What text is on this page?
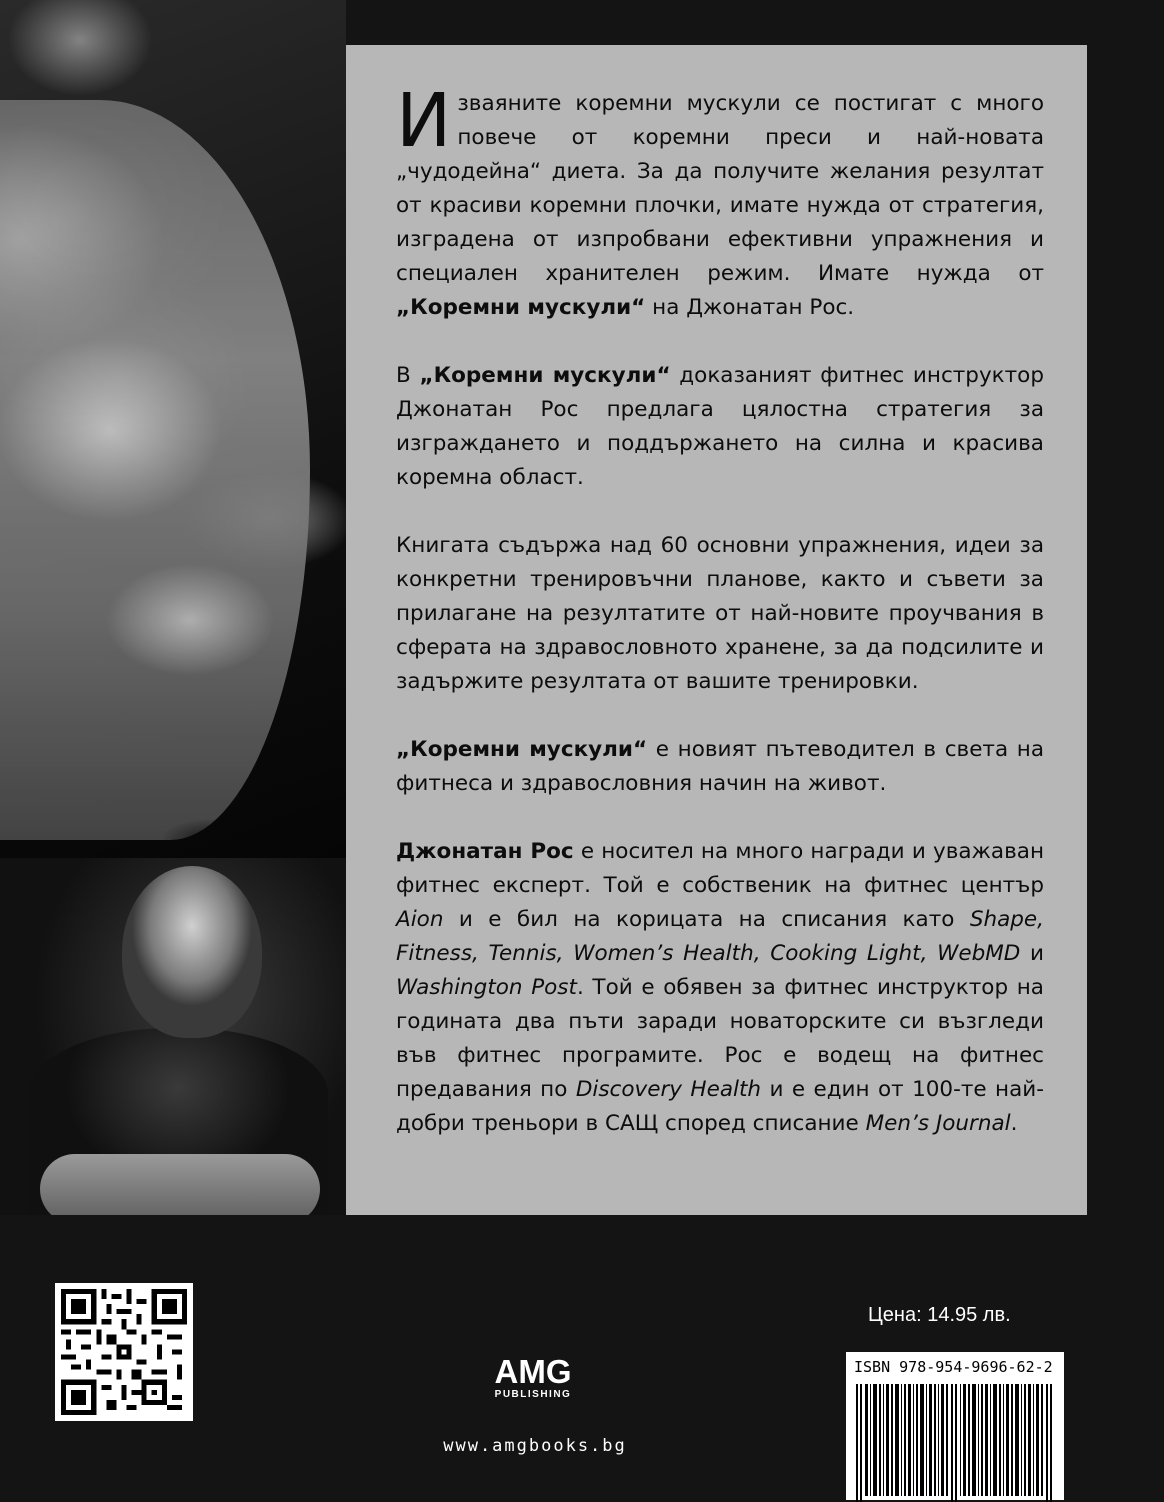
Изваяните коремни мускули се постигат с много повече от коремни преси и най-новата „чудодейна“ диета. За да получите желания резултат от красиви коремни плочки, имате нужда от стратегия, изградена от изпробвани ефективни упражнения и специален хранителен режим. Имате нужда от „Коремни мускули“ на Джонатан Рос.

В „Коремни мускули“ доказаният фитнес инструктор Джонатан Рос предлага цялостна стратегия за изграждането и поддържането на силна и красива коремна област.

Книгата съдържа над 60 основни упражнения, идеи за конкретни тренировъчни планове, както и съвети за прилагане на резултатите от най-новите проучвания в сферата на здравословното хранене, за да подсилите и задържите резултата от вашите тренировки.

„Коремни мускули“ е новият пътеводител в света на фитнеса и здравословния начин на живот.

Джонатан Рос е носител на много награди и уважаван фитнес експерт. Той е собственик на фитнес център Aion и е бил на корицата на списания като Shape, Fitness, Tennis, Women’s Health, Cooking Light, WebMD и Washington Post. Той е обявен за фитнес инструктор на годината два пъти заради новаторските си възгледи във фитнес програмите. Рос е водещ на фитнес предавания по Discovery Health и е един от 100-те най-добри треньори в САЩ според списание Men’s Journal.

AMG
PUBLISHING
www.amgbooks.bg
Цена: 14.95 лв.
ISBN 978-954-9696-62-2
